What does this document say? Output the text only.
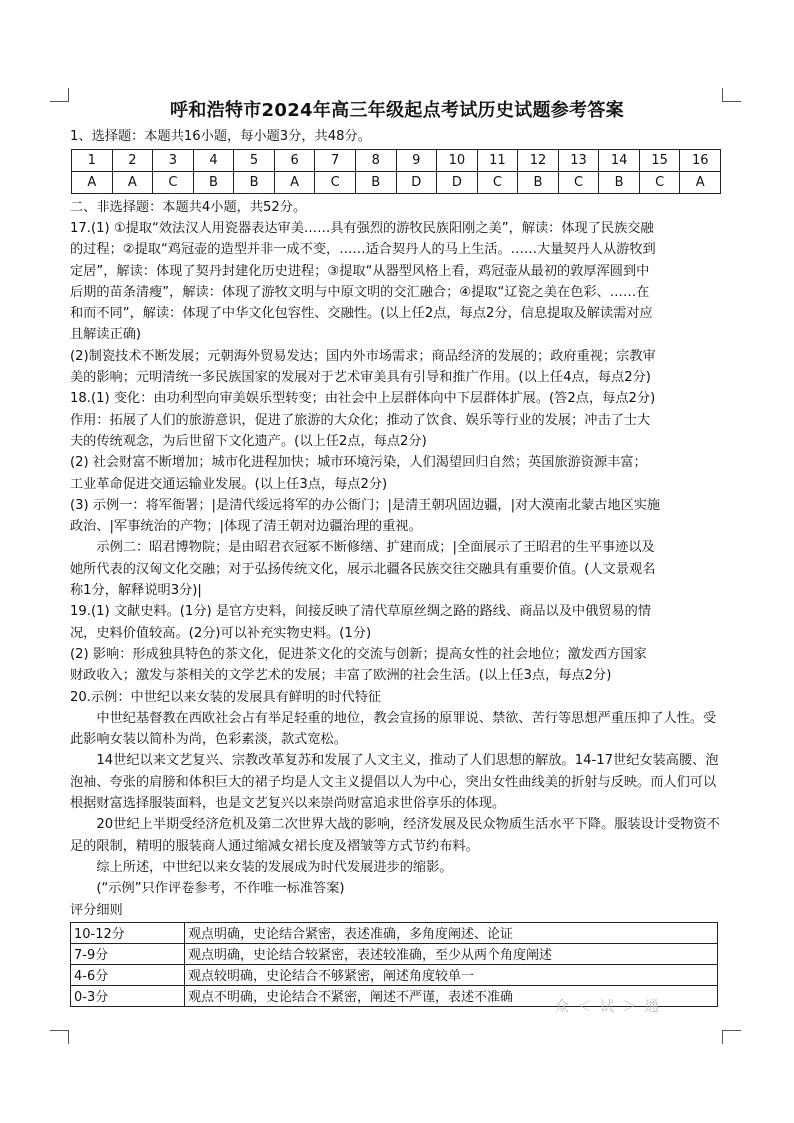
呼和浩特市2024年高三年级起点考试历史试题参考答案
1、选择题：本题共16小题，每小题3分，共48分。
1	2	3	4	5	6	7	8	9	10	11	12	13	14	15	16
A	A	C	B	B	A	C	B	D	D	C	B	C	B	C	A
二、非选择题：本题共4小题，共52分。

17.(1) ①提取“效法汉人用瓷器表达审美……具有强烈的游牧民族阳刚之美”，解读：体现了民族交融

的过程；②提取“鸡冠壶的造型并非一成不变，……适合契丹人的马上生活。……大量契丹人从游牧到

定居”，解读：体现了契丹封建化历史进程；③提取“从器型风格上看，鸡冠壶从最初的敦厚浑圆到中

后期的苗条清瘦”，解读：体现了游牧文明与中原文明的交汇融合；④提取“辽瓷之美在色彩、……在

和而不同”，解读：体现了中华文化包容性、交融性。(以上任2点，每点2分，信息提取及解读需对应

且解读正确)

(2)制瓷技术不断发展；元朝海外贸易发达；国内外市场需求；商品经济的发展的；政府重视；宗教审

美的影响；元明清统一多民族国家的发展对于艺术审美具有引导和推广作用。(以上任4点，每点2分)

18.(1) 变化：由功利型向审美娱乐型转变；由社会中上层群体向中下层群体扩展。(答2点，每点2分)

作用：拓展了人们的旅游意识，促进了旅游的大众化；推动了饮食、娱乐等行业的发展；冲击了士大

夫的传统观念，为后世留下文化遗产。(以上任2点，每点2分)

(2) 社会财富不断增加；城市化进程加快；城市环境污染，人们渴望回归自然；英国旅游资源丰富；

工业革命促进交通运输业发展。(以上任3点，每点2分)

(3) 示例一：将军衙署；|是清代绥远将军的办公衙门；|是清王朝巩固边疆，|对大漠南北蒙古地区实施

政治、|军事统治的产物；|体现了清王朝对边疆治理的重视。

示例二：昭君博物院；是由昭君衣冠冢不断修缮、扩建而成；|全面展示了王昭君的生平事迹以及

她所代表的汉匈文化交融；对于弘扬传统文化，展示北疆各民族交往交融具有重要价值。(人文景观名

称1分，解释说明3分)|

19.(1) 文献史料。(1分) 是官方史料，间接反映了清代草原丝绸之路的路线、商品以及中俄贸易的情

况，史料价值较高。(2分)可以补充实物史料。(1分)

(2) 影响：形成独具特色的茶文化，促进茶文化的交流与创新；提高女性的社会地位；激发西方国家

财政收入；激发与茶相关的文学艺术的发展；丰富了欧洲的社会生活。(以上任3点，每点2分)

20.示例：中世纪以来女装的发展具有鲜明的时代特征

中世纪基督教在西欧社会占有举足轻重的地位，教会宣扬的原罪说、禁欲、苦行等思想严重压抑了人性。受此影响女装以简朴为尚，色彩素淡，款式宽松。

14世纪以来文艺复兴、宗教改革复苏和发展了人文主义，推动了人们思想的解放。14-17世纪女装高腰、泡泡袖、夸张的肩膀和体积巨大的裙子均是人文主义提倡以人为中心，突出女性曲线美的折射与反映。而人们可以根据财富选择服装面料，也是文艺复兴以来崇尚财富追求世俗享乐的体现。

20世纪上半期受经济危机及第二次世界大战的影响，经济发展及民众物质生活水平下降。服装设计受物资不足的限制，精明的服装商人通过缩减女裙长度及褶皱等方式节约布料。

综上所述，中世纪以来女装的发展成为时代发展进步的缩影。

(“示例”只作评卷参考，不作唯一标准答案)

评分细则
10-12分	观点明确，史论结合紧密，表述准确，多角度阐述、论证
7-9分	观点明确，史论结合较紧密，表述较准确，至少从两个角度阐述
4-6分	观点较明确，史论结合不够紧密，阐述角度较单一
0-3分	观点不明确，史论结合不紧密，阐述不严谨，表述不准确
众 ＜ 试 ＞ 通
